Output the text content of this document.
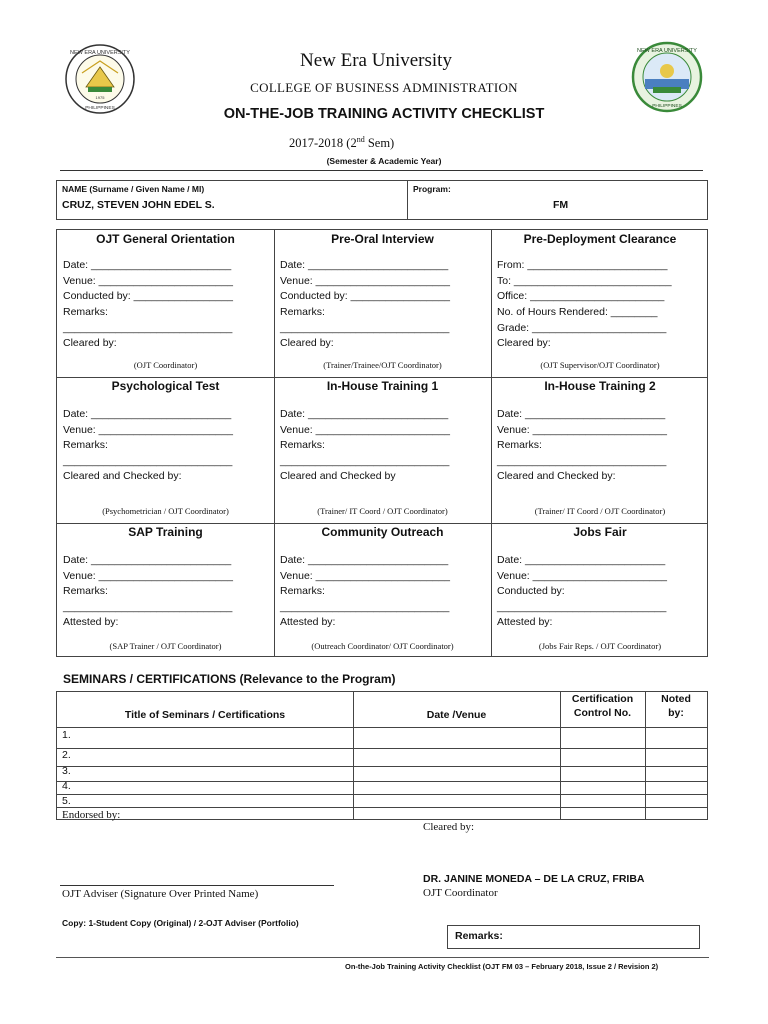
NEW ERA UNIVERSITY
PHILIPPINES
1975
NEW ERA UNIVERSITY
PHILIPPINES
New Era University
COLLEGE OF BUSINESS ADMINISTRATION
ON-THE-JOB TRAINING ACTIVITY CHECKLIST
2017-2018 (2nd Sem)
(Semester & Academic Year)
NAME (Surname / Given Name / MI)
CRUZ, STEVEN JOHN EDEL S.
Program:
FM
OJT General Orientation
Date: ________________________
Venue: _______________________
Conducted by: _________________
Remarks:
_____________________________
Cleared by:
(OJT Coordinator)
Pre-Oral Interview
Date: ________________________
Venue: _______________________
Conducted by: _________________
Remarks:
_____________________________
Cleared by:
(Trainer/Trainee/OJT Coordinator)
Pre-Deployment Clearance
From: ________________________
To: ___________________________
Office: _______________________
No. of Hours Rendered: ________
Grade: _______________________
Cleared by:
(OJT Supervisor/OJT Coordinator)
Psychological Test
Date: ________________________
Venue: _______________________
Remarks:
_____________________________
Cleared and Checked by:
(Psychometrician / OJT Coordinator)
In-House Training 1
Date: ________________________
Venue: _______________________
Remarks:
_____________________________
Cleared and Checked by
(Trainer/ IT Coord / OJT Coordinator)
In-House Training 2
Date: ________________________
Venue: _______________________
Remarks:
_____________________________
Cleared and Checked by:
(Trainer/ IT Coord / OJT Coordinator)
SAP Training
Date: ________________________
Venue: _______________________
Remarks:
_____________________________
Attested by:
(SAP Trainer / OJT Coordinator)
Community Outreach
Date: ________________________
Venue: _______________________
Remarks:
_____________________________
Attested by:
(Outreach Coordinator/ OJT Coordinator)
Jobs Fair
Date: ________________________
Venue: _______________________
Conducted by:
_____________________________
Attested by:
(Jobs Fair Reps. / OJT Coordinator)
SEMINARS / CERTIFICATIONS (Relevance to the Program)
Title of Seminars / Certifications	Date /Venue
Certification
Control No.
Noted
by:
1.
2.
3.
4.
5.
Endorsed by:
Cleared by:
OJT Adviser (Signature Over Printed Name)
DR. JANINE MONEDA – DE LA CRUZ, FRIBA
OJT Coordinator
Copy: 1-Student Copy (Original) / 2-OJT Adviser (Portfolio)
Remarks:
On-the-Job Training Activity Checklist (OJT FM 03 – February 2018, Issue 2 / Revision 2)
